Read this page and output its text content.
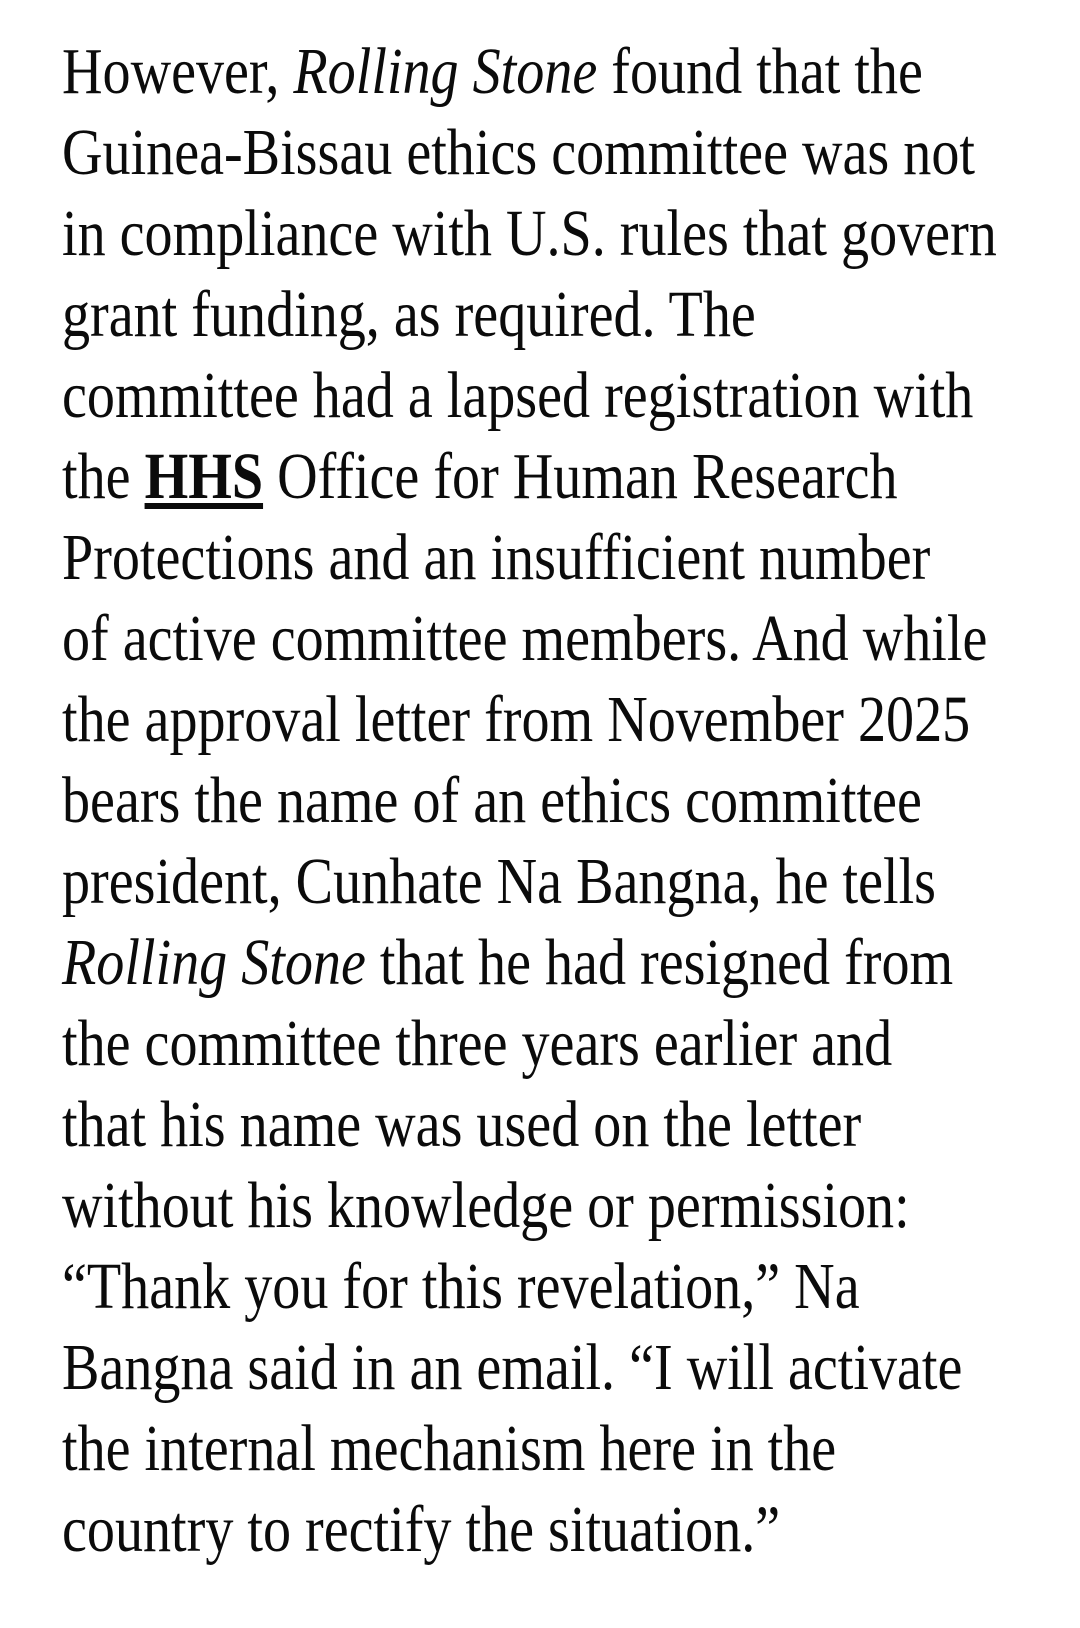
However, Rolling Stone found that the
Guinea-Bissau ethics committee was not
in compliance with U.S. rules that govern
grant funding, as required. The
committee had a lapsed registration with
the HHS Office for Human Research
Protections and an insufficient number
of active committee members. And while
the approval letter from November 2025
bears the name of an ethics committee
president, Cunhate Na Bangna, he tells
Rolling Stone that he had resigned from
the committee three years earlier and
that his name was used on the letter
without his knowledge or permission:
“Thank you for this revelation,” Na
Bangna said in an email. “I will activate
the internal mechanism here in the
country to rectify the situation.”
